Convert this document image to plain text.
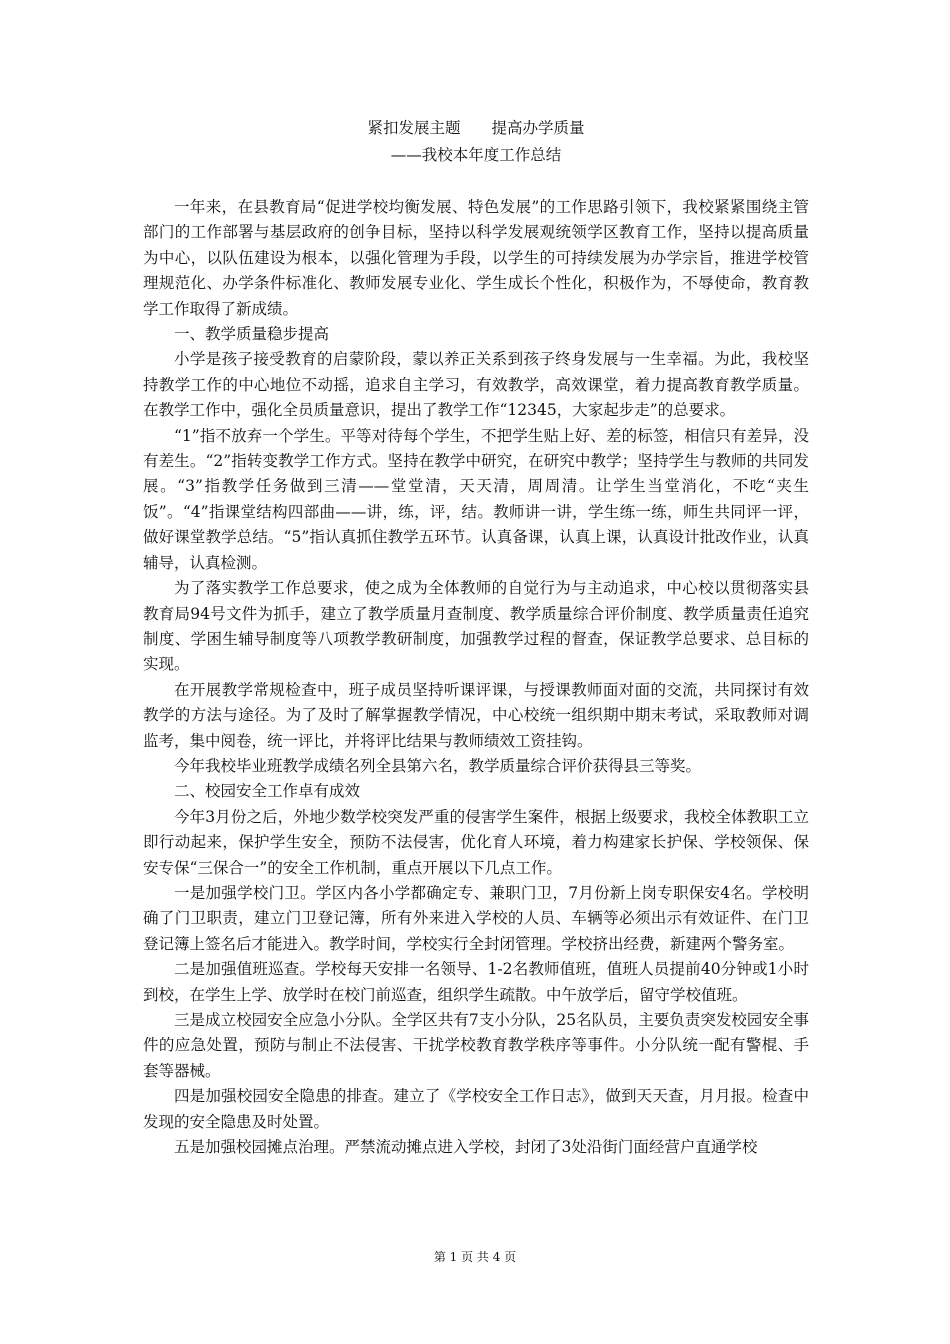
紧扣发展主题　　提高办学质量
——我校本年度工作总结

一年来，在县教育局“促进学校均衡发展、特色发展”的工作思路引领下，我校紧紧围绕主管部门的工作部署与基层政府的创争目标，坚持以科学发展观统领学区教育工作，坚持以提高质量为中心，以队伍建设为根本，以强化管理为手段，以学生的可持续发展为办学宗旨，推进学校管理规范化、办学条件标准化、教师发展专业化、学生成长个性化，积极作为，不辱使命，教育教学工作取得了新成绩。

一、教学质量稳步提高

小学是孩子接受教育的启蒙阶段，蒙以养正关系到孩子终身发展与一生幸福。为此，我校坚持教学工作的中心地位不动摇，追求自主学习，有效教学，高效课堂，着力提高教育教学质量。在教学工作中，强化全员质量意识，提出了教学工作“12345，大家起步走”的总要求。

“1”指不放弃一个学生。平等对待每个学生，不把学生贴上好、差的标签，相信只有差异，没有差生。“2”指转变教学工作方式。坚持在教学中研究，在研究中教学；坚持学生与教师的共同发展。“3”指教学任务做到三清——堂堂清，天天清，周周清。让学生当堂消化，不吃“夹生饭”。“4”指课堂结构四部曲——讲，练，评，结。教师讲一讲，学生练一练，师生共同评一评，做好课堂教学总结。“5”指认真抓住教学五环节。认真备课，认真上课，认真设计批改作业，认真辅导，认真检测。

为了落实教学工作总要求，使之成为全体教师的自觉行为与主动追求，中心校以贯彻落实县教育局94号文件为抓手，建立了教学质量月查制度、教学质量综合评价制度、教学质量责任追究制度、学困生辅导制度等八项教学教研制度，加强教学过程的督查，保证教学总要求、总目标的实现。

在开展教学常规检查中，班子成员坚持听课评课，与授课教师面对面的交流，共同探讨有效教学的方法与途径。为了及时了解掌握教学情况，中心校统一组织期中期末考试，采取教师对调监考，集中阅卷，统一评比，并将评比结果与教师绩效工资挂钩。

今年我校毕业班教学成绩名列全县第六名，教学质量综合评价获得县三等奖。

二、校园安全工作卓有成效

今年3月份之后，外地少数学校突发严重的侵害学生案件，根据上级要求，我校全体教职工立即行动起来，保护学生安全，预防不法侵害，优化育人环境，着力构建家长护保、学校领保、保安专保“三保合一”的安全工作机制，重点开展以下几点工作。

一是加强学校门卫。学区内各小学都确定专、兼职门卫，7月份新上岗专职保安4名。学校明确了门卫职责，建立门卫登记簿，所有外来进入学校的人员、车辆等必须出示有效证件、在门卫登记簿上签名后才能进入。教学时间，学校实行全封闭管理。学校挤出经费，新建两个警务室。

二是加强值班巡查。学校每天安排一名领导、1-2名教师值班，值班人员提前40分钟或1小时到校，在学生上学、放学时在校门前巡查，组织学生疏散。中午放学后，留守学校值班。

三是成立校园安全应急小分队。全学区共有7支小分队，25名队员，主要负责突发校园安全事件的应急处置，预防与制止不法侵害、干扰学校教育教学秩序等事件。小分队统一配有警棍、手套等器械。

四是加强校园安全隐患的排查。建立了《学校安全工作日志》，做到天天查，月月报。检查中发现的安全隐患及时处置。

五是加强校园摊点治理。严禁流动摊点进入学校，封闭了3处沿街门面经营户直通学校

第 1 页 共 4 页
